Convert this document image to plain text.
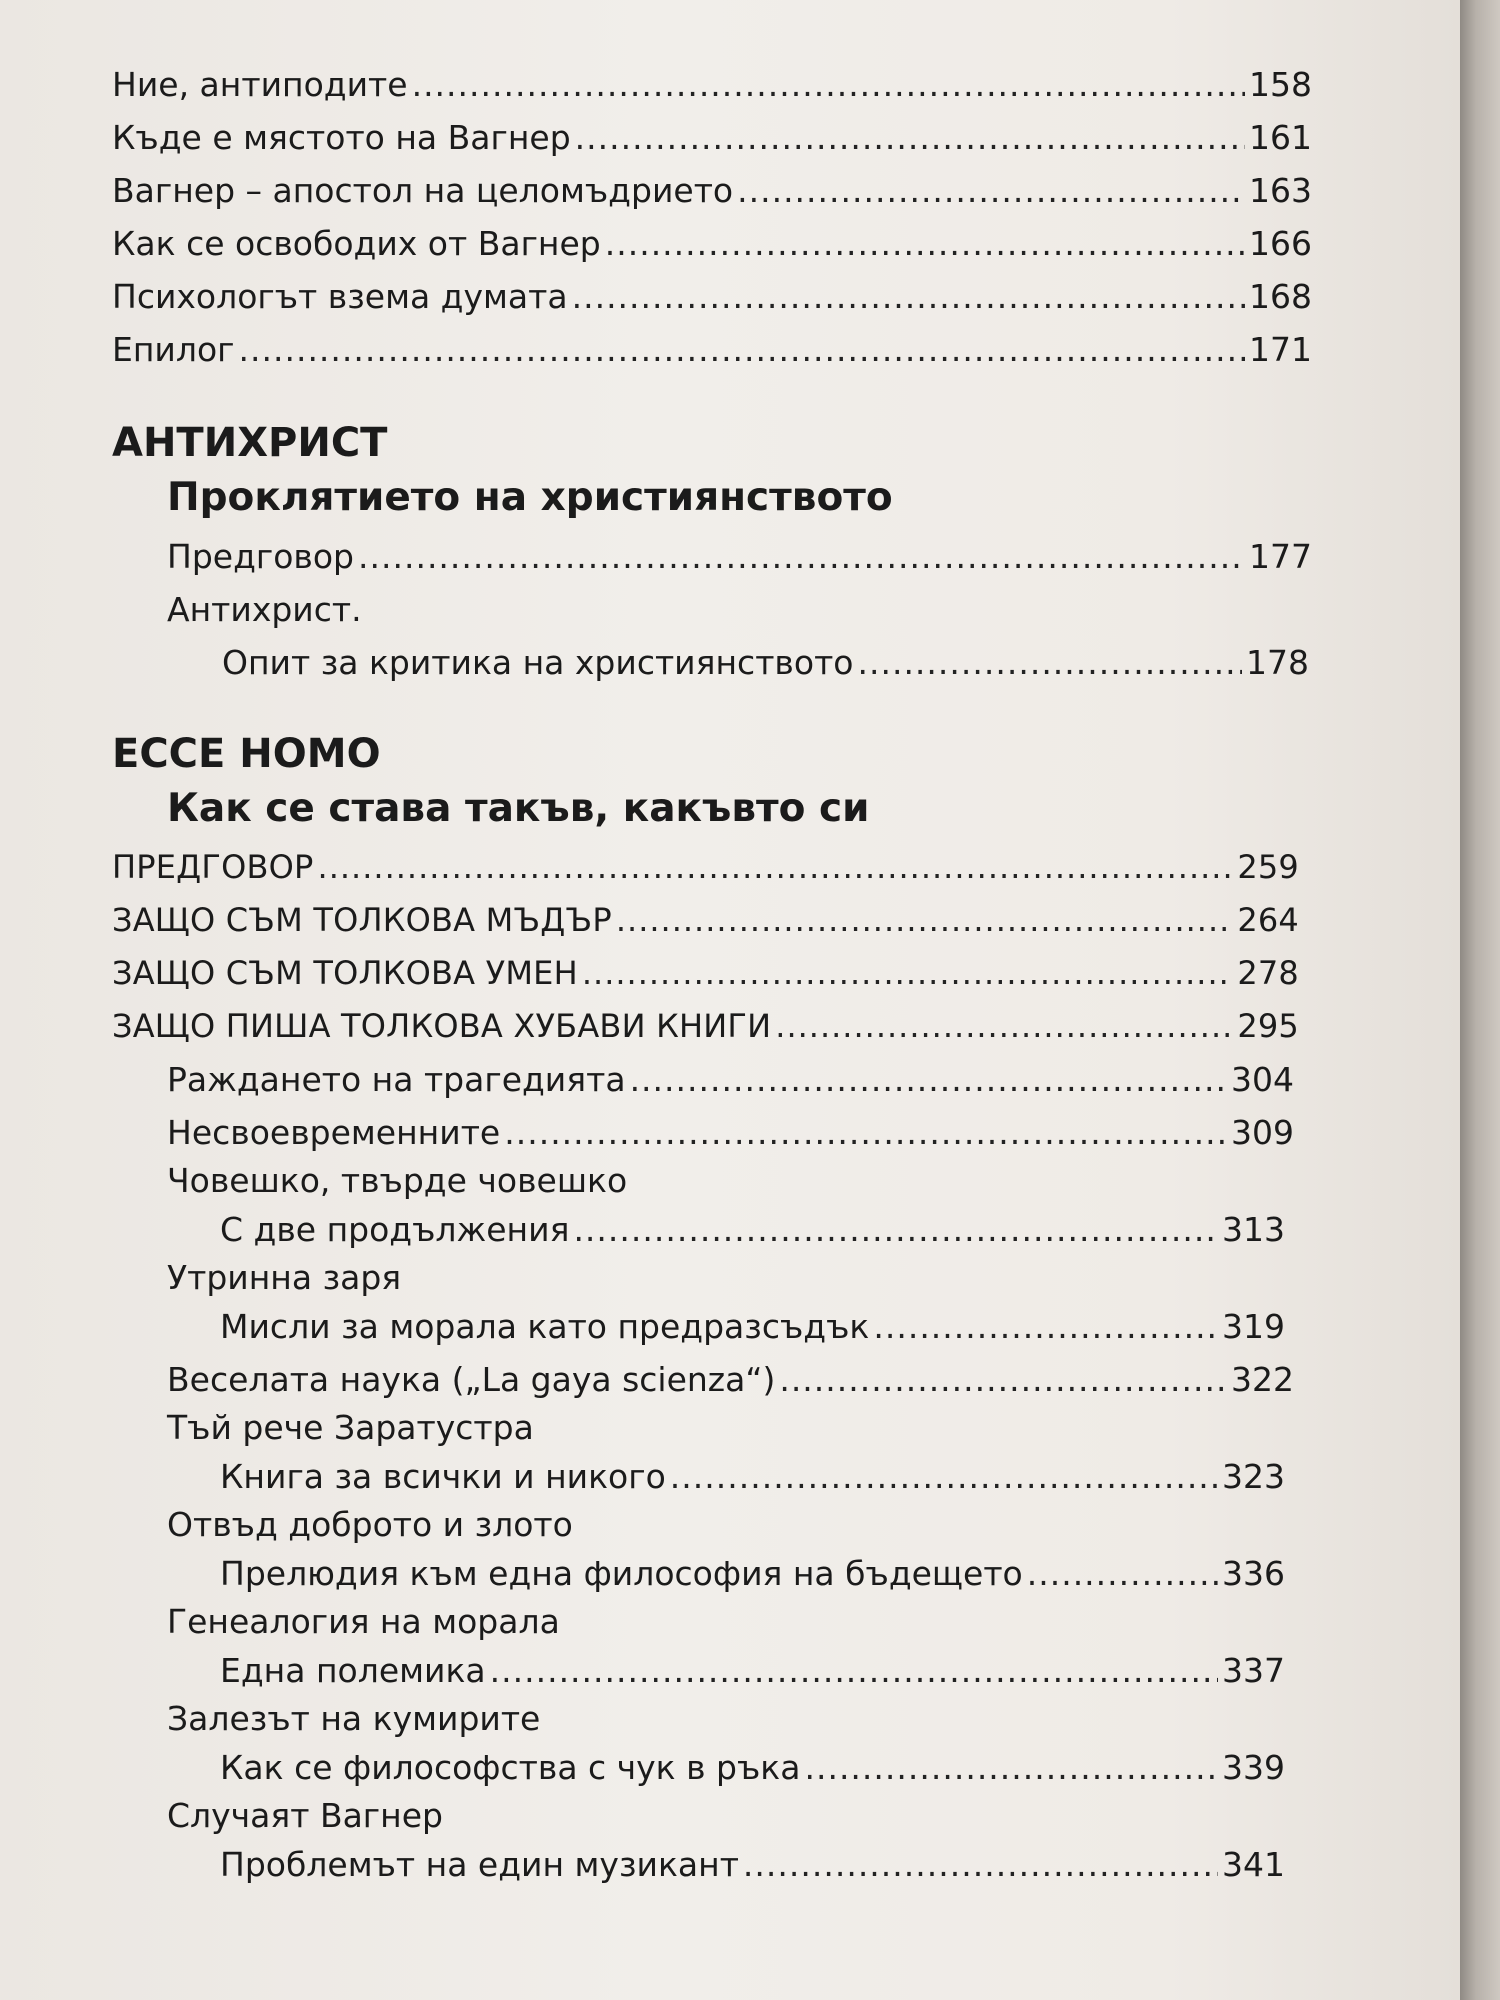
Ние, антиподите .....	158
Къде е мястото на Вагнер .....	161
Вагнер – апостол на целомъдрието .....	163
Как се освободих от Вагнер .....	166
Психологът взема думата .....	168
Епилог .....	171
АНТИХРИСТ
Проклятието на християнството
Предговор .....	177
Антихрист.
Опит за критика на християнството .....	178
ECCE HOMO
Как се става такъв, какъвто си
ПРЕДГОВОР .....	259
ЗАЩО СЪМ ТОЛКОВА МЪДЪР .....	264
ЗАЩО СЪМ ТОЛКОВА УМЕН .....	278
ЗАЩО ПИША ТОЛКОВА ХУБАВИ КНИГИ .....	295
Раждането на трагедията .....	304
Несвоевременните .....	309
Човешко, твърде човешко
С две продължения .....	313
Утринна заря
Мисли за морала като предразсъдък .....	319
Веселата наука („La gaya scienza“) .....	322
Тъй рече Заратустра
Книга за всички и никого .....	323
Отвъд доброто и злото
Прелюдия към една философия на бъдещето .....	336
Генеалогия на морала
Една полемика .....	337
Залезът на кумирите
Как се философства с чук в ръка .....	339
Случаят Вагнер
Проблемът на един музикант .....	341
